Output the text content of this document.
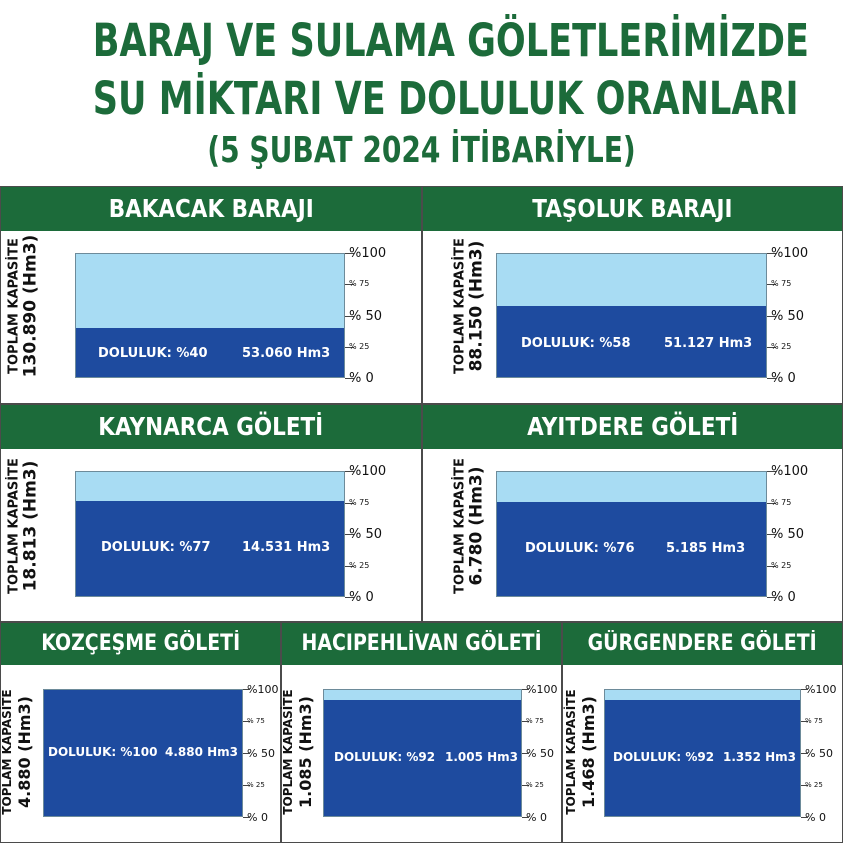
BARAJ VE SULAMA GÖLETLERİMİZDE
SU MİKTARI VE DOLULUK ORANLARI
(5 ŞUBAT 2024 İTİBARİYLE)
BAKACAK BARAJI
TOPLAM KAPASİTE 130.890 (Hm3)	DOLULUK: %40	53.060 Hm3
%100
% 75
% 50
% 25
% 0
TAŞOLUK BARAJI
TOPLAM KAPASİTE 88.150 (Hm3)	DOLULUK: %58	51.127 Hm3
%100
% 75
% 50
% 25
% 0
KAYNARCA GÖLETİ
TOPLAM KAPASİTE 18.813 (Hm3)	DOLULUK: %77 14.531 Hm3
%100
% 75
% 50
% 25
% 0
AYITDERE GÖLETİ
TOPLAM KAPASİTE 6.780 (Hm3)	DOLULUK: %76 5.185 Hm3
%100
% 75
% 50
% 25
% 0
KOZÇEŞME GÖLETİ
TOPLAM KAPASİTE 4.880 (Hm3) DOLULUK: %100 4.880 Hm3
%100
% 75
% 50
% 25
% 0
HACIPEHLİVAN GÖLETİ
TOPLAM KAPASİTE 1.085 (Hm3) DOLULUK: %92 1.005 Hm3
%100
% 75
% 50
% 25
% 0
GÜRGENDERE GÖLETİ
TOPLAM KAPASİTE 1.468 (Hm3) DOLULUK: %92 1.352 Hm3
%100
% 75
% 50
% 25
% 0
